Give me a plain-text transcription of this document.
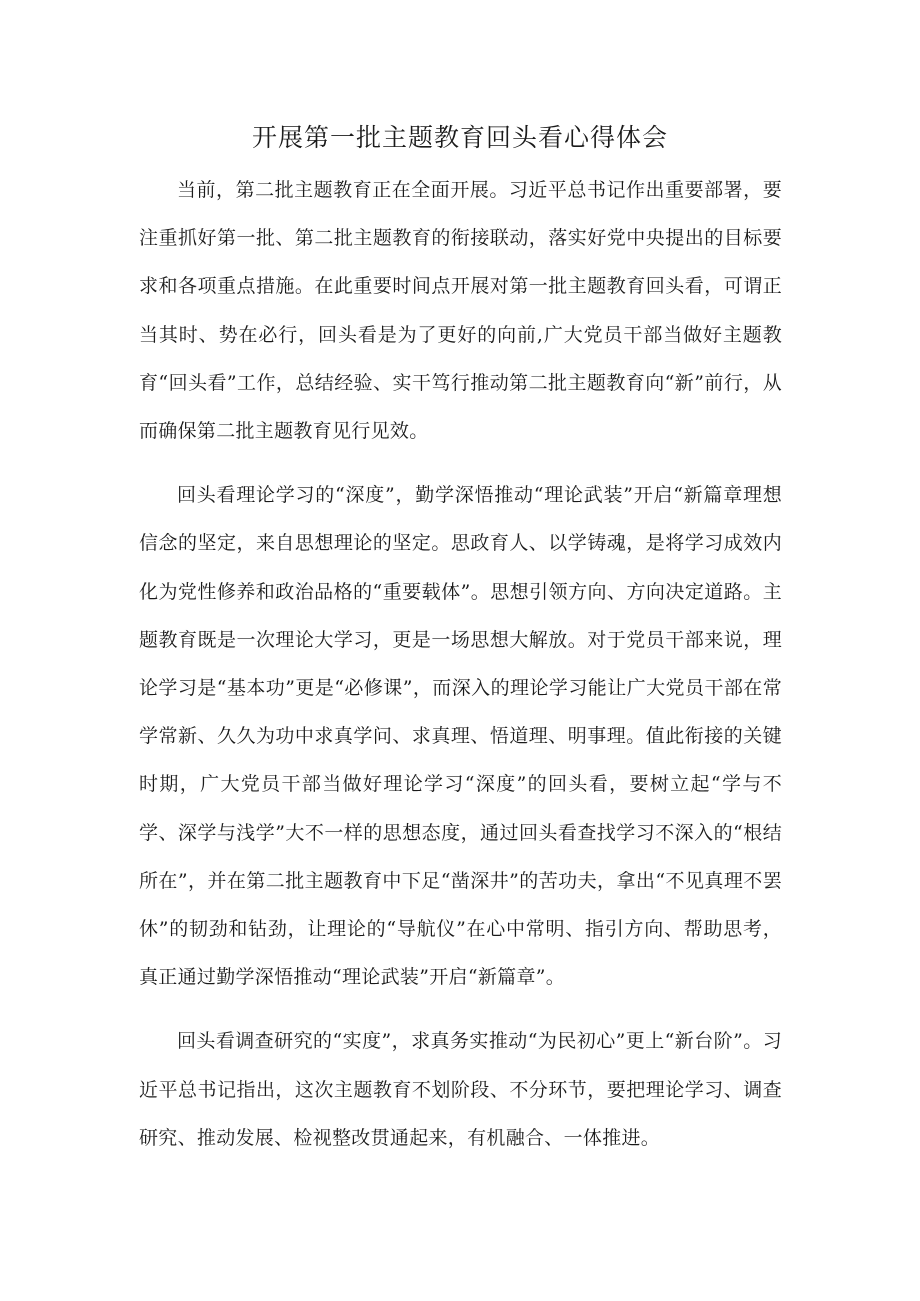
开展第一批主题教育回头看心得体会

当前，第二批主题教育正在全面开展。习近平总书记作出重要部署，要注重抓好第一批、第二批主题教育的衔接联动，落实好党中央提出的目标要求和各项重点措施。在此重要时间点开展对第一批主题教育回头看，可谓正当其时、势在必行，回头看是为了更好的向前,广大党员干部当做好主题教育“回头看”工作，总结经验、实干笃行推动第二批主题教育向“新”前行，从而确保第二批主题教育见行见效。

回头看理论学习的“深度”，勤学深悟推动“理论武装”开启“新篇章理想信念的坚定，来自思想理论的坚定。思政育人、以学铸魂，是将学习成效内化为党性修养和政治品格的“重要载体”。思想引领方向、方向决定道路。主题教育既是一次理论大学习，更是一场思想大解放。对于党员干部来说，理论学习是“基本功”更是“必修课”，而深入的理论学习能让广大党员干部在常学常新、久久为功中求真学问、求真理、悟道理、明事理。值此衔接的关键时期，广大党员干部当做好理论学习“深度”的回头看，要树立起“学与不学、深学与浅学”大不一样的思想态度，通过回头看查找学习不深入的“根结所在”，并在第二批主题教育中下足“凿深井”的苦功夫，拿出“不见真理不罢休”的韧劲和钻劲，让理论的“导航仪”在心中常明、指引方向、帮助思考，真正通过勤学深悟推动“理论武装”开启“新篇章”。

回头看调查研究的“实度”，求真务实推动“为民初心”更上“新台阶”。习近平总书记指出，这次主题教育不划阶段、不分环节，要把理论学习、调查研究、推动发展、检视整改贯通起来，有机融合、一体推进。
